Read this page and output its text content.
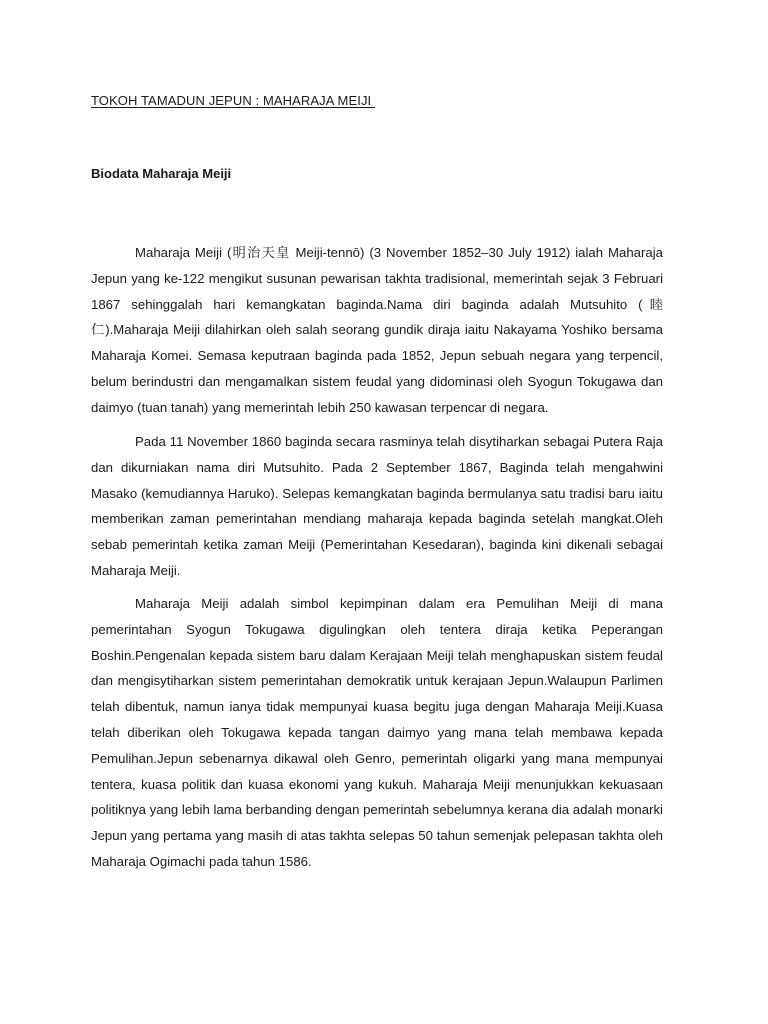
TOKOH TAMADUN JEPUN : MAHARAJA MEIJI
Biodata Maharaja Meiji

Maharaja Meiji (明治天皇 Meiji-tennō) (3 November 1852–30 July 1912) ialah Maharaja Jepun yang ke-122 mengikut susunan pewarisan takhta tradisional, memerintah sejak 3 Februari 1867 sehinggalah hari kemangkatan baginda.Nama diri baginda adalah Mutsuhito (睦仁).Maharaja Meiji dilahirkan oleh salah seorang gundik diraja iaitu Nakayama Yoshiko bersama Maharaja Komei. Semasa keputraan baginda pada 1852, Jepun sebuah negara yang terpencil, belum berindustri dan mengamalkan sistem feudal yang didominasi oleh Syogun Tokugawa dan daimyo (tuan tanah) yang memerintah lebih 250 kawasan terpencar di negara.

Pada 11 November 1860 baginda secara rasminya telah disytiharkan sebagai Putera Raja dan dikurniakan nama diri Mutsuhito. Pada 2 September 1867, Baginda telah mengahwini Masako (kemudiannya Haruko). Selepas kemangkatan baginda bermulanya satu tradisi baru iaitu memberikan zaman pemerintahan mendiang maharaja kepada baginda setelah mangkat.Oleh sebab pemerintah ketika zaman Meiji (Pemerintahan Kesedaran), baginda kini dikenali sebagai Maharaja Meiji.

Maharaja Meiji adalah simbol kepimpinan dalam era Pemulihan Meiji di mana pemerintahan Syogun Tokugawa digulingkan oleh tentera diraja ketika Peperangan Boshin.Pengenalan kepada sistem baru dalam Kerajaan Meiji telah menghapuskan sistem feudal dan mengisytiharkan sistem pemerintahan demokratik untuk kerajaan Jepun.Walaupun Parlimen telah dibentuk, namun ianya tidak mempunyai kuasa begitu juga dengan Maharaja Meiji.Kuasa telah diberikan oleh Tokugawa kepada tangan daimyo yang mana telah membawa kepada Pemulihan.Jepun sebenarnya dikawal oleh Genro, pemerintah oligarki yang mana mempunyai tentera, kuasa politik dan kuasa ekonomi yang kukuh. Maharaja Meiji menunjukkan kekuasaan politiknya yang lebih lama berbanding dengan pemerintah sebelumnya kerana dia adalah monarki Jepun yang pertama yang masih di atas takhta selepas 50 tahun semenjak pelepasan takhta oleh Maharaja Ogimachi pada tahun 1586.
